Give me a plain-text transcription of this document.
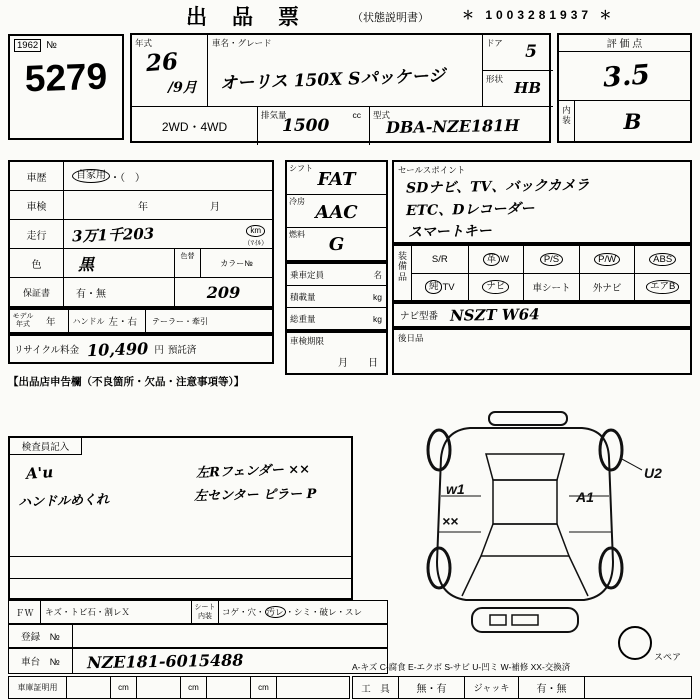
出　品　票	（状態説明書）	＊ 1003281937 ＊
1962 №
5279
年式
26
/9月
車名・グレード
オーリス 150X Sパッケージ
ドア 5
形状 HB
2WD・4WD
排気量
1500
cc 型式
DBA-NZE181H
評 価 点
3.5
内装	B
車歴	自家用 ・（　）
車検	年	月
走行	3万1千203	km
（ﾏｲﾙ）
色	黒	色替
カラー№
保証書	有・無	209
シフト
FAT
冷房
AAC
燃料	G
乗車定員	名
積載量	kg
総重量	kg
車検期限
月　　日
セールスポイント
SDナビ、TV、バックカメラ
ETC、Dレコーダー
スマートキー
装備品
S/R	革 W	P/S	P/W	ABS
純 TV	ナビ	車シート 外ナビ	エアB
ナビ型番 NSZT W64
後日品
モデル年式	年	ハンドル 左・右	テーラー・牽引
リサイクル料金 10,490 円 預託済
【出品店申告欄（不良箇所・欠品・注意事項等）】
検査員記入
A'u
ハンドルめくれ
左Rフェンダー ××
左センター ピラー P
ＦＷ	キズ・トビ石・割レＸ	シート
内装	コゲ・穴・ 汚レ ・シミ・破レ・スレ
登録　№
車台　№	NZE181-6015488
車庫証明用	cm	cm	cm
A-キズ C-腐食 E-エクボ S-サビ U-凹ミ W-補修 XX-交換済
工　具	無・有	ジャッキ	有・無
スペア
w1
××
A1
U2
